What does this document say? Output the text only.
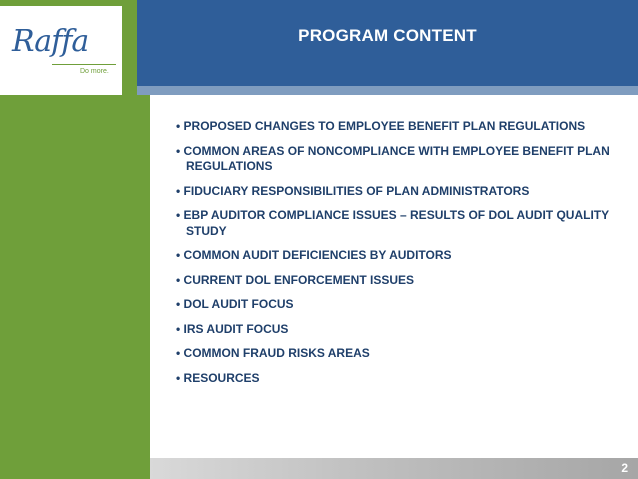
Raffa
Do more.
PROGRAM CONTENT
• PROPOSED CHANGES TO EMPLOYEE BENEFIT PLAN REGULATIONS
• COMMON AREAS OF NONCOMPLIANCE WITH EMPLOYEE BENEFIT PLAN REGULATIONS
• FIDUCIARY RESPONSIBILITIES OF PLAN ADMINISTRATORS
• EBP AUDITOR COMPLIANCE ISSUES – RESULTS OF DOL AUDIT QUALITY STUDY
• COMMON AUDIT DEFICIENCIES BY AUDITORS
• CURRENT DOL ENFORCEMENT ISSUES
• DOL AUDIT FOCUS
• IRS AUDIT FOCUS
• COMMON FRAUD RISKS AREAS
• RESOURCES
2
